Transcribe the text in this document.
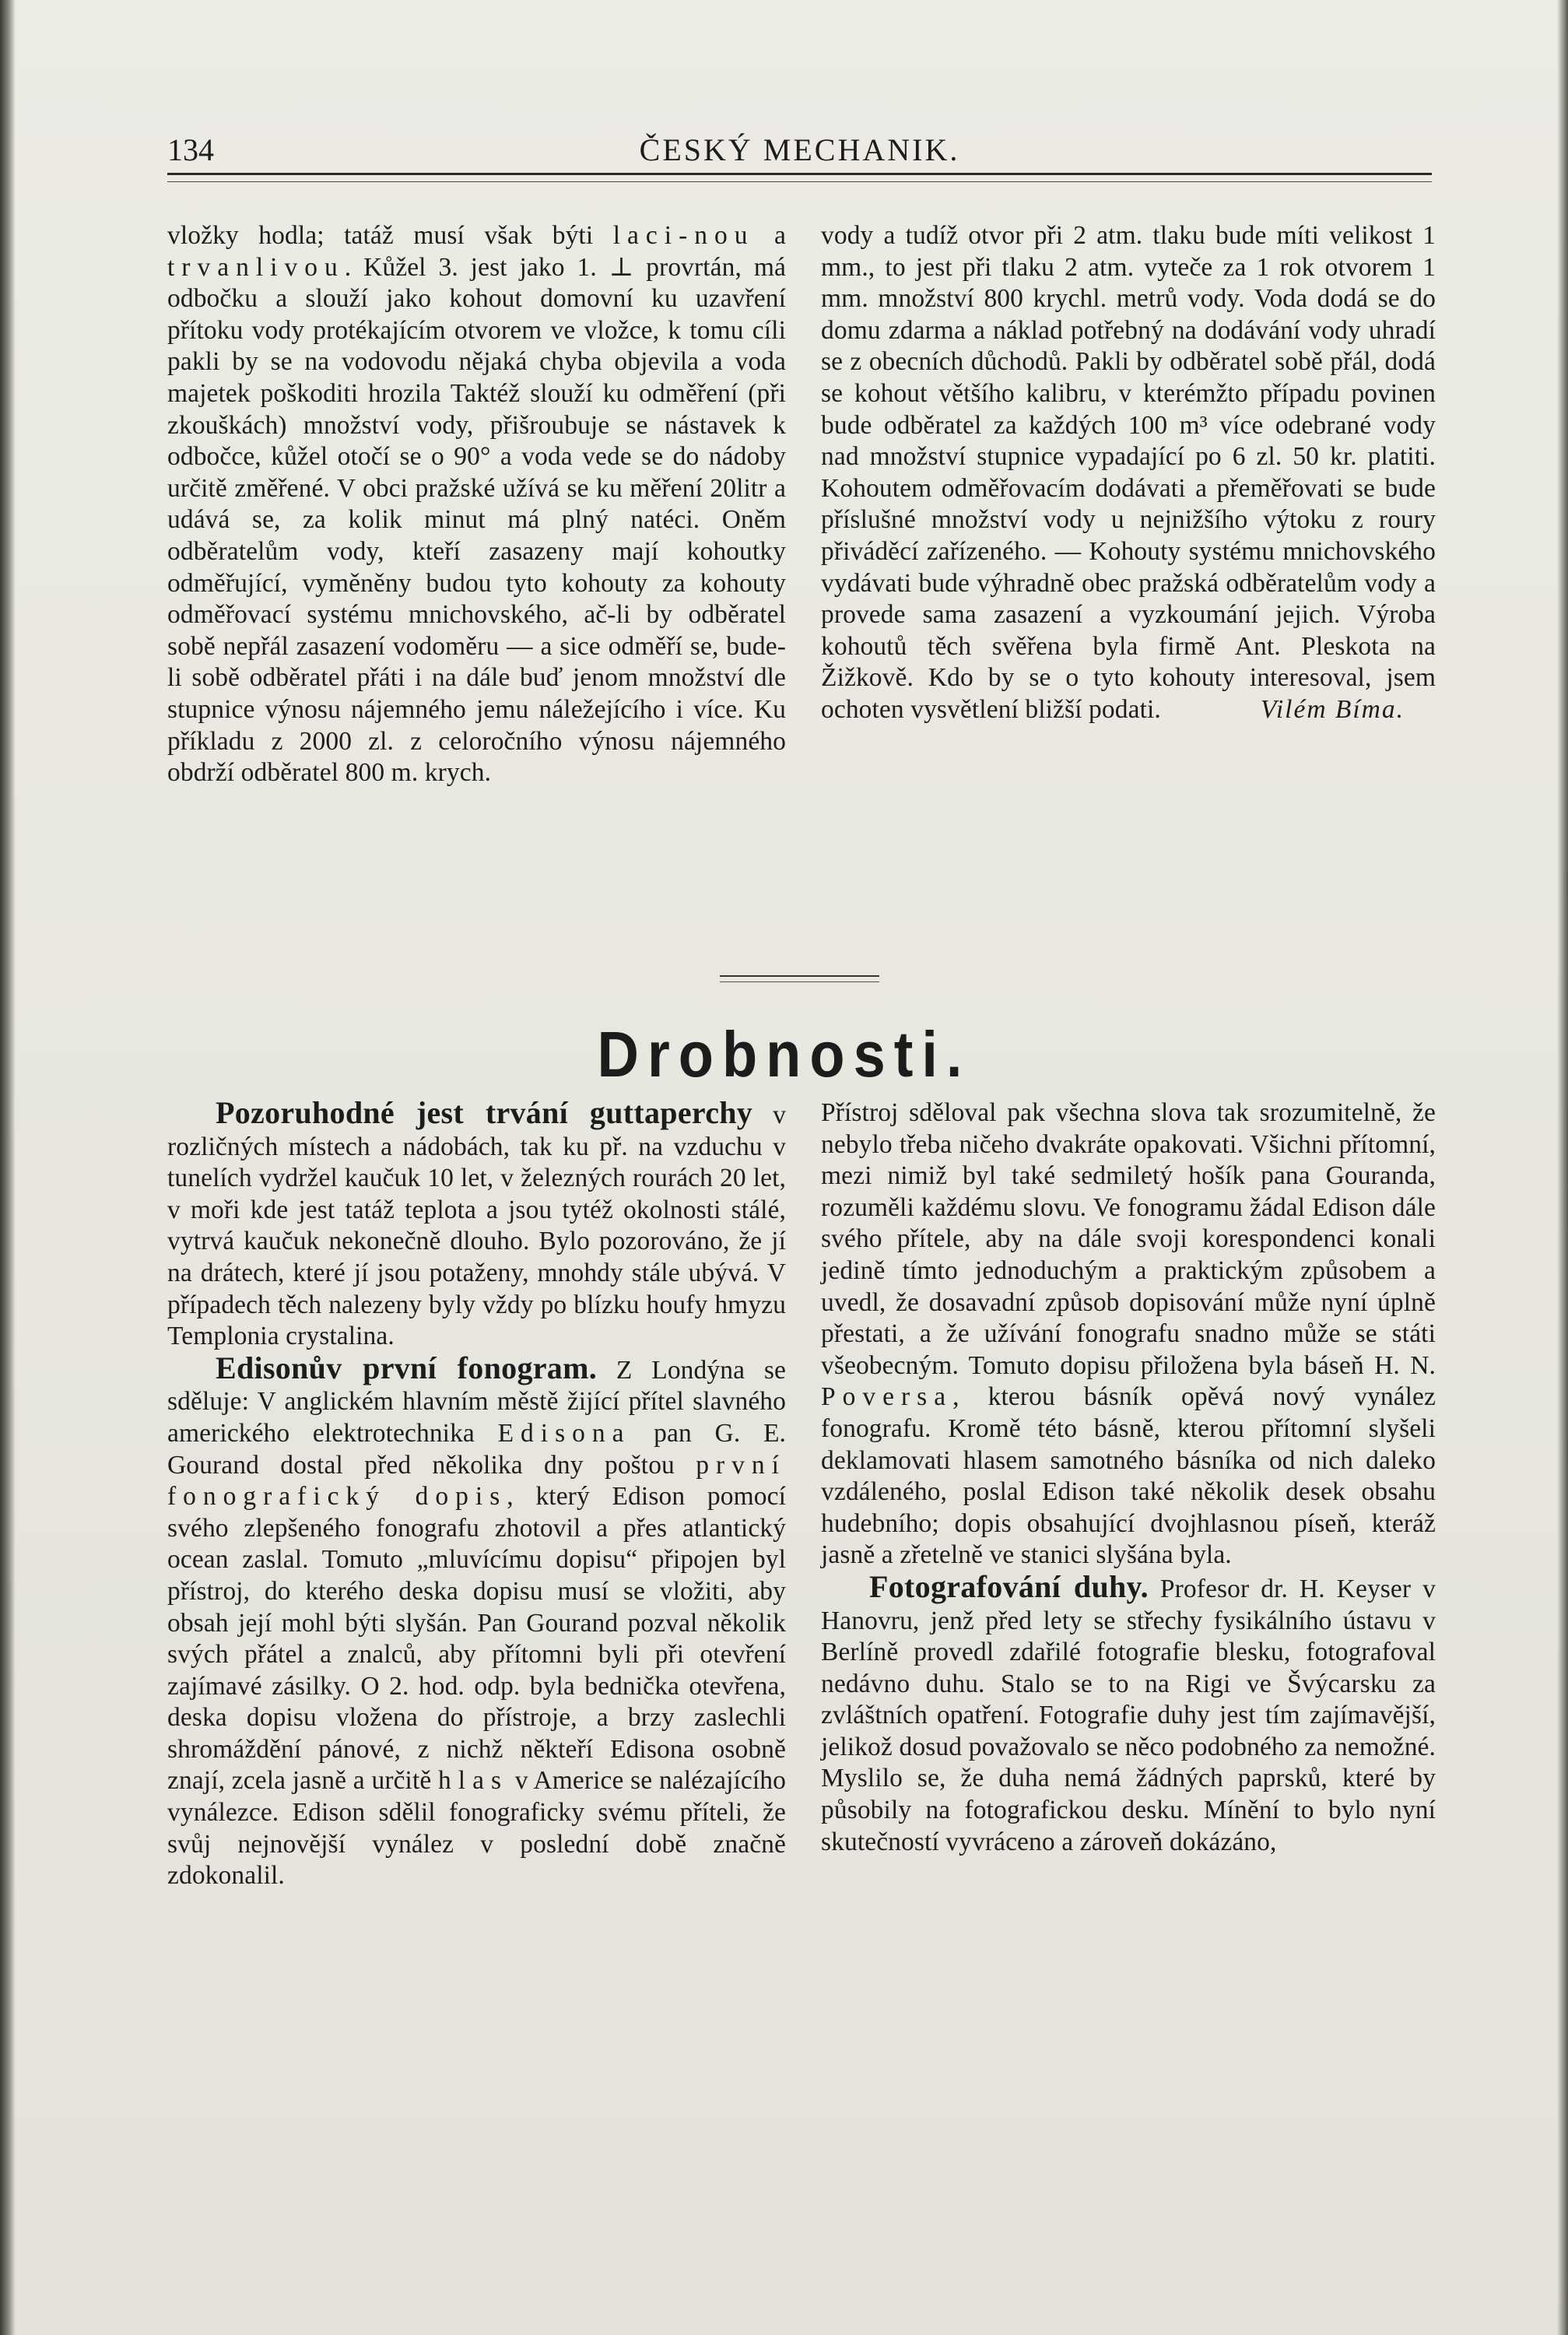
134	ČESKÝ MECHANIK.

vložky hodla; tatáž musí však býti laci-nou a trvanlivou. Kůžel 3. jest jako 1. ⊥ provrtán, má odbočku a slouží jako kohout domovní ku uzavření přítoku vody protékajícím otvorem ve vložce, k tomu cíli pakli by se na vodovodu nějaká chyba objevila a voda majetek poškoditi hrozila Taktéž slouží ku odměření (při zkouškách) množství vody, přišroubuje se nástavek k odbočce, kůžel otočí se o 90° a voda vede se do nádoby určitě změřené. V obci pražské užívá se ku měření 20litr a udává se, za kolik minut má plný natéci. Oněm odběratelům vody, kteří zasazeny mají kohoutky odměřující, vyměněny budou tyto kohouty za kohouty odměřovací systému mnichovského, ač-li by odběratel sobě nepřál zasazení vodoměru — a sice odměří se, bude-li sobě odběratel přáti i na dále buď jenom množství dle stupnice výnosu nájemného jemu náležejícího i více. Ku příkladu z 2000 zl. z celoročního výnosu nájemného obdrží odběratel 800 m. krych.

vody a tudíž otvor při 2 atm. tlaku bude míti velikost 1 mm., to jest při tlaku 2 atm. vyteče za 1 rok otvorem 1 mm. množství 800 krychl. metrů vody. Voda dodá se do domu zdarma a náklad potřebný na dodávání vody uhradí se z obecních důchodů. Pakli by odběratel sobě přál, dodá se kohout většího kalibru, v kterémžto případu povinen bude odběratel za každých 100 m³ více odebrané vody nad množství stupnice vypadající po 6 zl. 50 kr. platiti. Kohoutem odměřovacím dodávati a přeměřovati se bude příslušné množství vody u nejnižšího výtoku z roury přiváděcí zařízeného. — Kohouty systému mnichovského vydávati bude výhradně obec pražská odběratelům vody a provede sama zasazení a vyzkoumání jejich. Výroba kohoutů těch svěřena byla firmě Ant. Pleskota na Žižkově. Kdo by se o tyto kohouty interesoval, jsem ochoten vysvětlení bližší podati.	Vilém Bíma.

Drobnosti.

Pozoruhodné jest trvání guttaperchy v rozličných místech a nádobách, tak ku př. na vzduchu v tunelích vydržel kaučuk 10 let, v železných rourách 20 let, v moři kde jest tatáž teplota a jsou tytéž okolnosti stálé, vytrvá kaučuk nekonečně dlouho. Bylo pozorováno, že jí na drátech, které jí jsou potaženy, mnohdy stále ubývá. V případech těch nalezeny byly vždy po blízku houfy hmyzu Templonia crystalina.

Edisonův první fonogram. Z Londýna se sděluje: V anglickém hlavním městě žijící přítel slavného amerického elektrotechnika Edisona pan G. E. Gourand dostal před několika dny poštou první fonografický dopis, který Edison pomocí svého zlepšeného fonografu zhotovil a přes atlantický ocean zaslal. Tomuto „mluvícímu dopisu“ připojen byl přístroj, do kterého deska dopisu musí se vložiti, aby obsah její mohl býti slyšán. Pan Gourand pozval několik svých přátel a znalců, aby přítomni byli při otevření zajímavé zásilky. O 2. hod. odp. byla bednička otevřena, deska dopisu vložena do přístroje, a brzy zaslechli shromáždění pánové, z nichž někteří Edisona osobně znají, zcela jasně a určitě hlas v Americe se nalézajícího vynálezce. Edison sdělil fonograficky svému příteli, že svůj nejnovější vynález v poslední době značně zdokonalil.

Přístroj sděloval pak všechna slova tak srozumitelně, že nebylo třeba ničeho dvakráte opakovati. Všichni přítomní, mezi nimiž byl také sedmiletý hošík pana Gouranda, rozuměli každému slovu. Ve fonogramu žádal Edison dále svého přítele, aby na dále svoji korespondenci konali jedině tímto jednoduchým a praktickým způsobem a uvedl, že dosavadní způsob dopisování může nyní úplně přestati, a že užívání fonografu snadno může se státi všeobecným. Tomuto dopisu přiložena byla báseň H. N. Poversa, kterou básník opěvá nový vynález fonografu. Kromě této básně, kterou přítomní slyšeli deklamovati hlasem samotného básníka od nich daleko vzdáleného, poslal Edison také několik desek obsahu hudebního; dopis obsahující dvojhlasnou píseň, kteráž jasně a zřetelně ve stanici slyšána byla.

Fotografování duhy. Profesor dr. H. Keyser v Hanovru, jenž před lety se střechy fysikálního ústavu v Berlíně provedl zdařilé fotografie blesku, fotografoval nedávno duhu. Stalo se to na Rigi ve Švýcarsku za zvláštních opatření. Fotografie duhy jest tím zajímavější, jelikož dosud považovalo se něco podobného za nemožné. Myslilo se, že duha nemá žádných paprsků, které by působily na fotografickou desku. Mínění to bylo nyní skutečností vyvráceno a zároveň dokázáno,
